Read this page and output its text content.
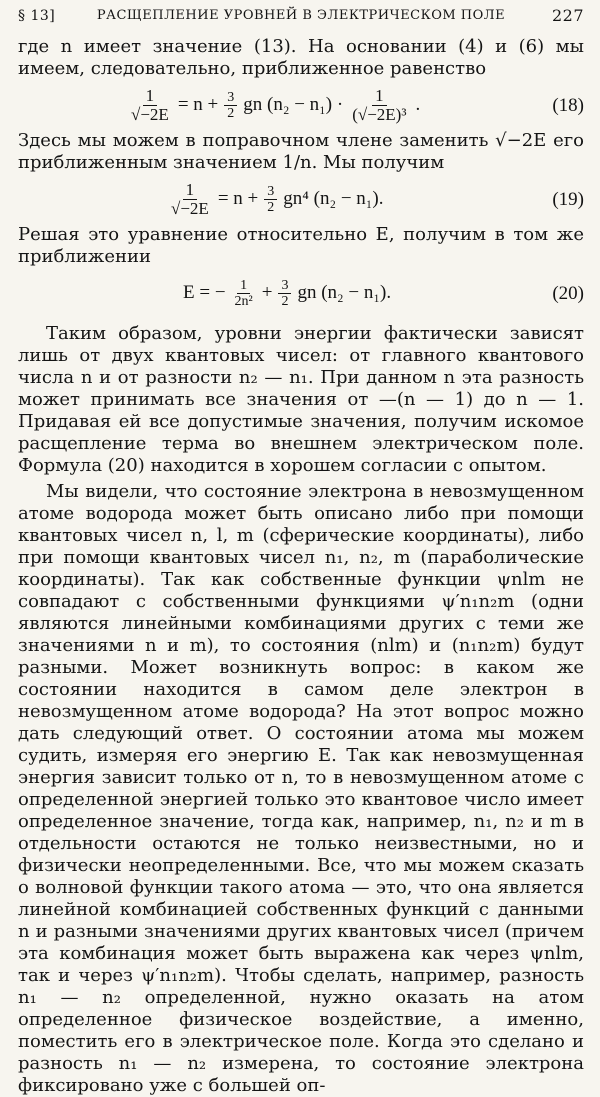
§ 13]	РАСЩЕПЛЕНИЕ УРОВНЕЙ В ЭЛЕКТРИЧЕСКОМ ПОЛЕ	227

где n имеет значение (13). На основании (4) и (6) мы имеем, следовательно, приближенное равенство

$\frac{1}{√-2E} = n + \frac{3}{2}$ gn $(n_2 - n_1) \cdot \frac{1}{\text{(√−2E)³}}$ .	(18)

Здесь мы можем в поправочном члене заменить √−2E его приближенным значением 1/n. Мы получим

$\frac{1}{√-2E} = n + \frac{3}{2} gn^4$ (n₂ − n₁).	(19)

Решая это уравнение относительно E, получим в том же приближении

E = − $\frac{1}{\text{2n²}} + \frac{3}{2}$ gn (n₂ − n₁).	(20)

Таким образом, уровни энергии фактически зависят лишь от двух квантовых чисел: от главного квантового числа n и от разности n₂ — n₁. При данном n эта разность может принимать все значения от —(n — 1) до n — 1. Придавая ей все допустимые значения, получим искомое расщепление терма во внешнем электрическом поле. Формула (20) находится в хорошем согласии с опытом.

Мы видели, что состояние электрона в невозмущенном атоме водорода может быть описано либо при помощи квантовых чисел n, l, m (сферические координаты), либо при помощи квантовых чисел n₁, n₂, m (параболические координаты). Так как собственные функции ψnlm не совпадают с собственными функциями ψ′n₁n₂m (одни являются линейными комбинациями других с теми же значениями n и m), то состояния (nlm) и (n₁n₂m) будут разными. Может возникнуть вопрос: в каком же состоянии находится в самом деле электрон в невозмущенном атоме водорода? На этот вопрос можно дать следующий ответ. О состоянии атома мы можем судить, измеряя его энергию E. Так как невозмущенная энергия зависит только от n, то в невозмущенном атоме с определенной энергией только это квантовое число имеет определенное значение, тогда как, например, n₁, n₂ и m в отдельности остаются не только неизвестными, но и физически неопределенными. Все, что мы можем сказать о волновой функции такого атома — это, что она является линейной комбинацией собственных функций с данными n и разными значениями других квантовых чисел (причем эта комбинация может быть выражена как через ψnlm, так и через ψ′n₁n₂m). Чтобы сделать, например, разность n₁ — n₂ определенной, нужно оказать на атом определенное физическое воздействие, а именно, поместить его в электрическое поле. Когда это сделано и разность n₁ — n₂ измерена, то состояние электрона фиксировано уже с большей оп-
